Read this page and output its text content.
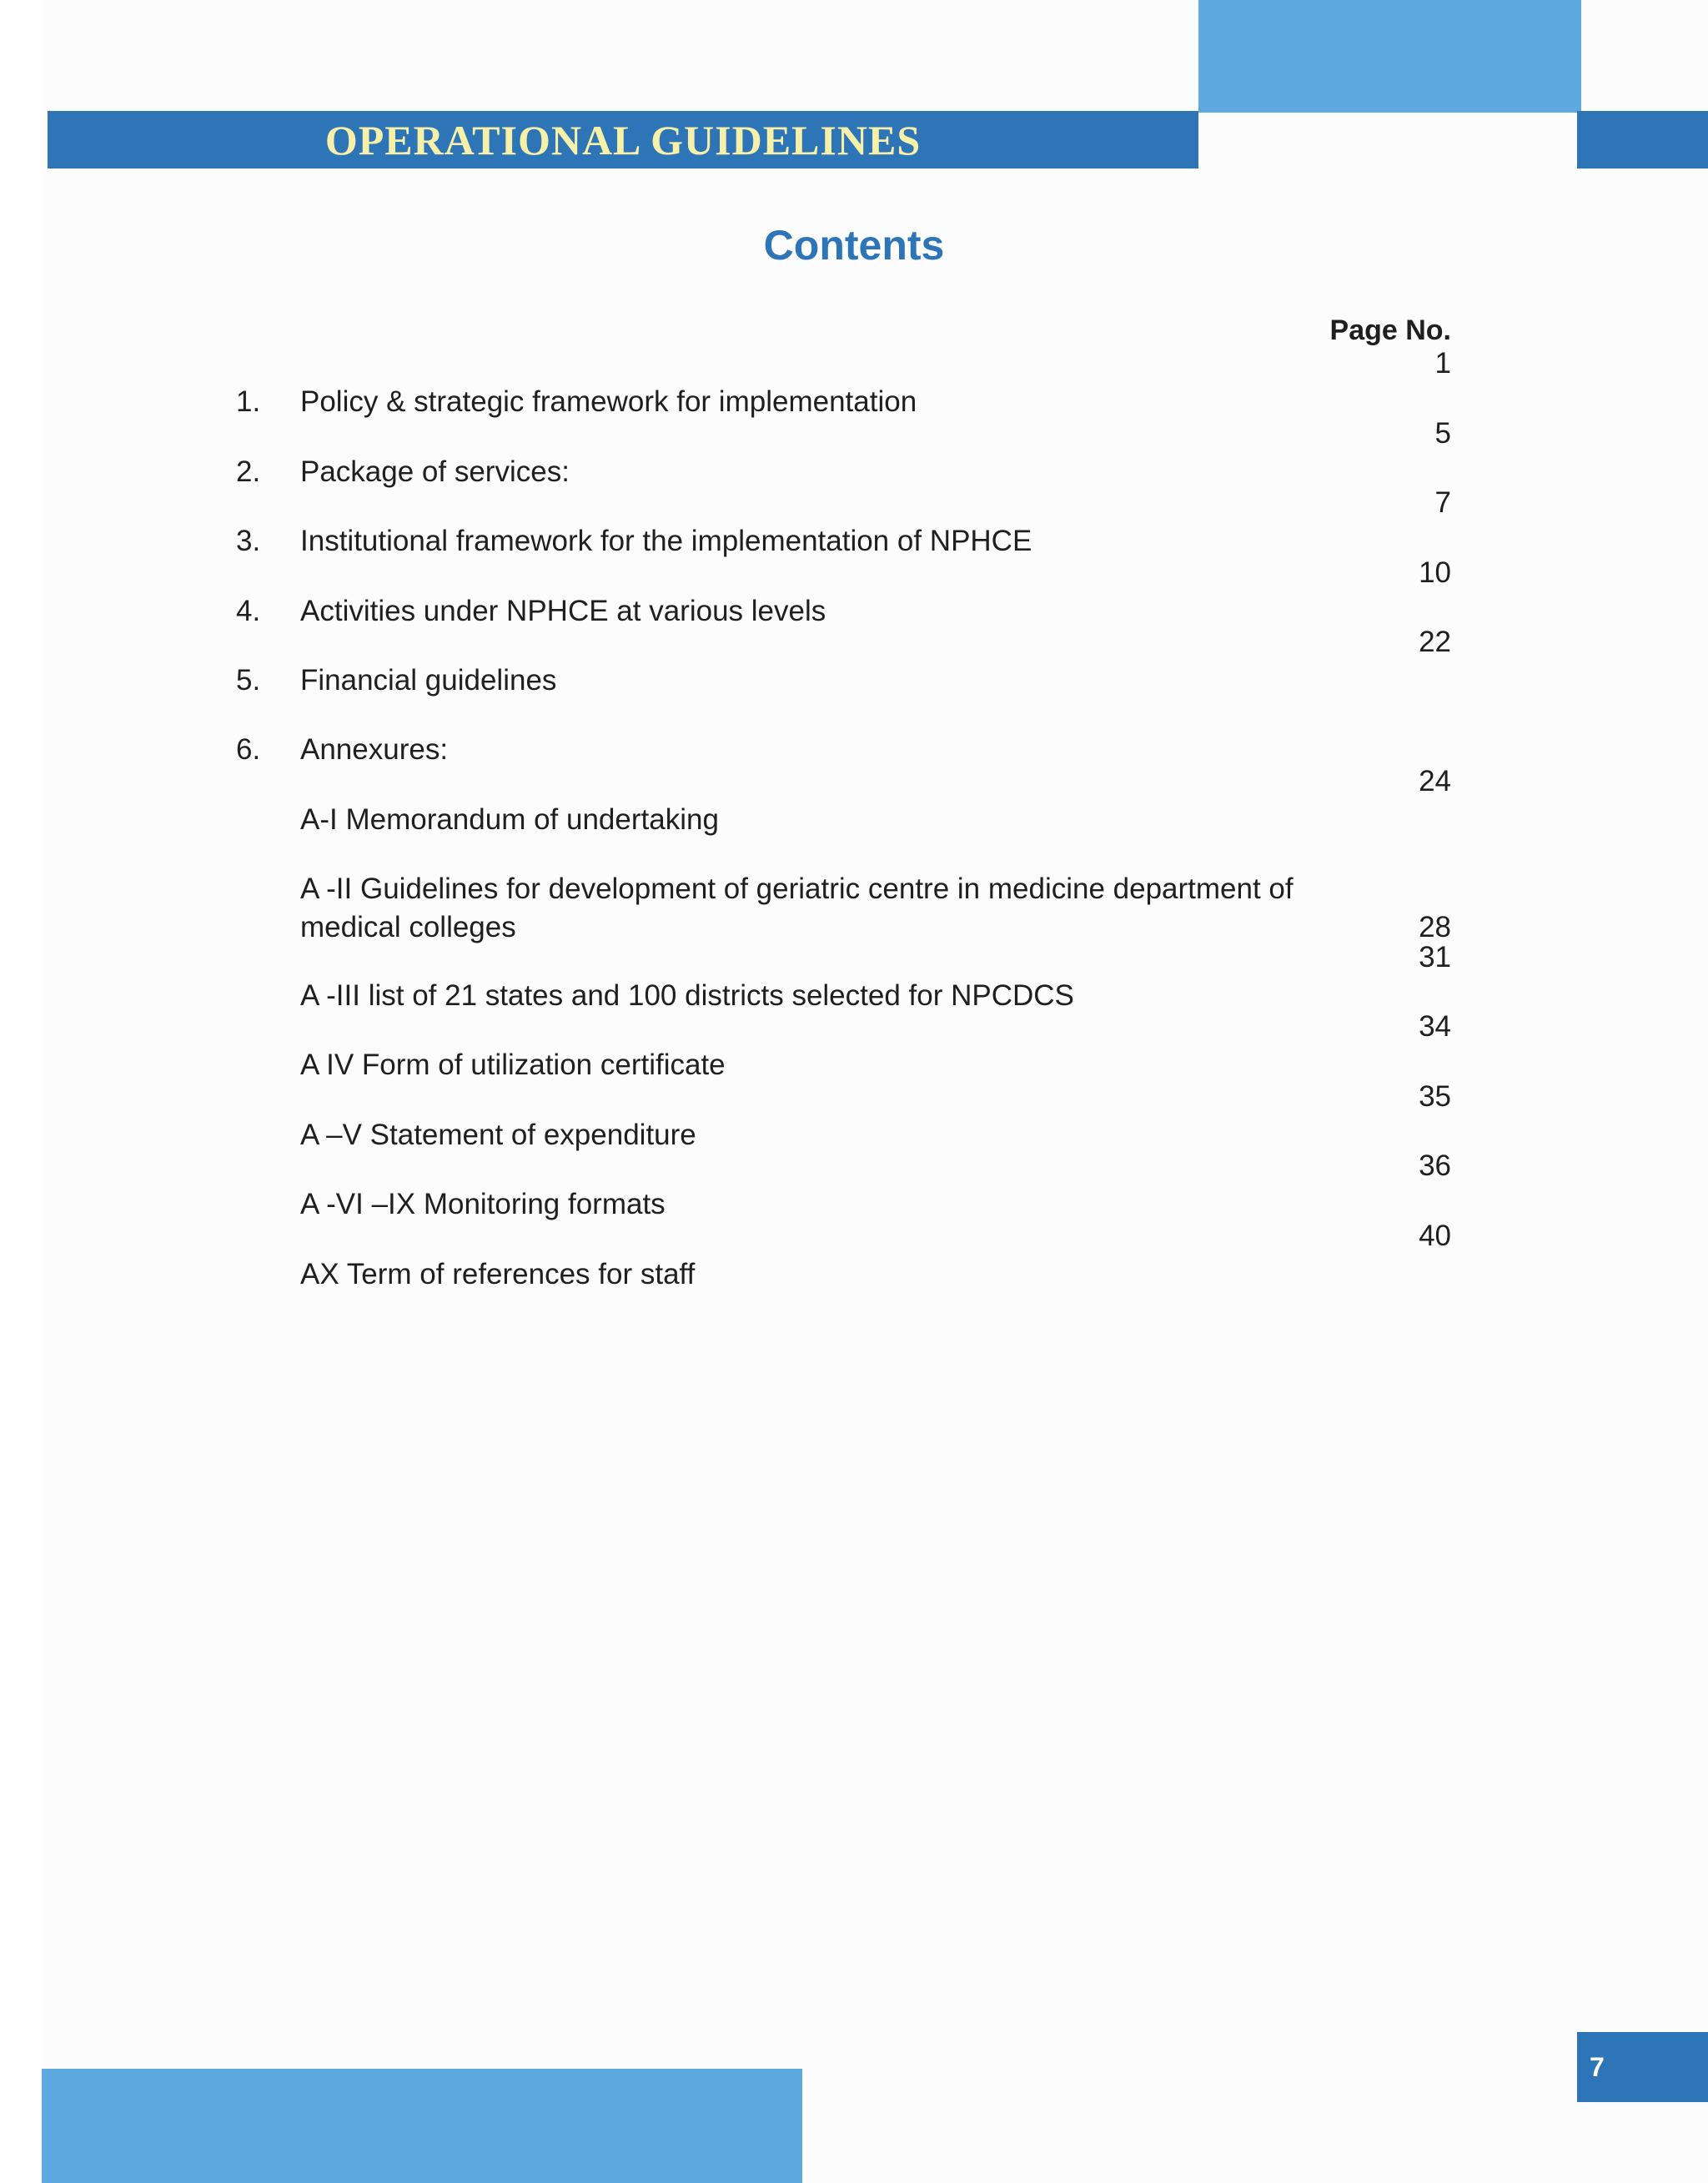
OPERATIONAL GUIDELINES
Contents
Page No.
1. Policy & strategic framework for implementation
1
2. Package of services:
5
3. Institutional framework for the implementation of NPHCE
7
4. Activities under NPHCE at various levels
10
5. Financial guidelines
22
6. Annexures:
A-I Memorandum of undertaking
24
A -II Guidelines for development of geriatric centre in medicine department of medical colleges	28
A -III list of 21 states and 100 districts selected for NPCDCS
31
A IV Form of utilization certificate
34
A –V Statement of expenditure
35
A -VI –IX Monitoring formats
36
AX Term of references for staff
40
7
